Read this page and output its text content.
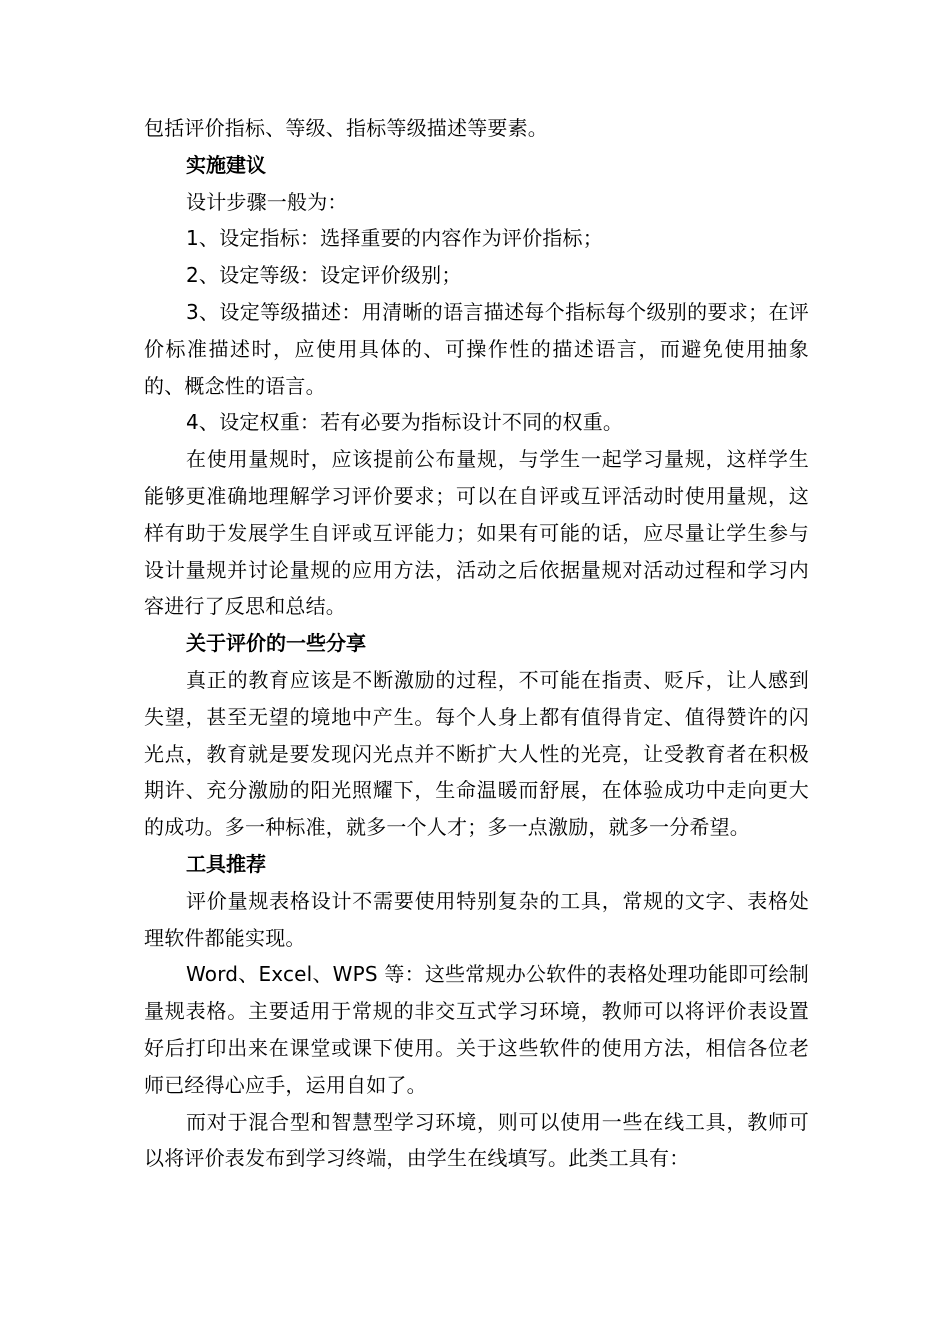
包括评价指标、等级、指标等级描述等要素。

实施建议

设计步骤一般为：

1、设定指标：选择重要的内容作为评价指标；

2、设定等级：设定评价级别；

3、设定等级描述：用清晰的语言描述每个指标每个级别的要求；在评价标准描述时，应使用具体的、可操作性的描述语言，而避免使用抽象的、概念性的语言。

4、设定权重：若有必要为指标设计不同的权重。

在使用量规时，应该提前公布量规，与学生一起学习量规，这样学生能够更准确地理解学习评价要求；可以在自评或互评活动时使用量规，这样有助于发展学生自评或互评能力；如果有可能的话，应尽量让学生参与设计量规并讨论量规的应用方法，活动之后依据量规对活动过程和学习内容进行了反思和总结。

关于评价的一些分享

真正的教育应该是不断激励的过程，不可能在指责、贬斥，让人感到失望，甚至无望的境地中产生。每个人身上都有值得肯定、值得赞许的闪光点，教育就是要发现闪光点并不断扩大人性的光亮，让受教育者在积极期许、充分激励的阳光照耀下，生命温暖而舒展，在体验成功中走向更大的成功。多一种标准，就多一个人才；多一点激励，就多一分希望。

工具推荐

评价量规表格设计不需要使用特别复杂的工具，常规的文字、表格处理软件都能实现。

Word、Excel、WPS 等：这些常规办公软件的表格处理功能即可绘制量规表格。主要适用于常规的非交互式学习环境，教师可以将评价表设置好后打印出来在课堂或课下使用。关于这些软件的使用方法，相信各位老师已经得心应手，运用自如了。

而对于混合型和智慧型学习环境，则可以使用一些在线工具，教师可以将评价表发布到学习终端，由学生在线填写。此类工具有：
